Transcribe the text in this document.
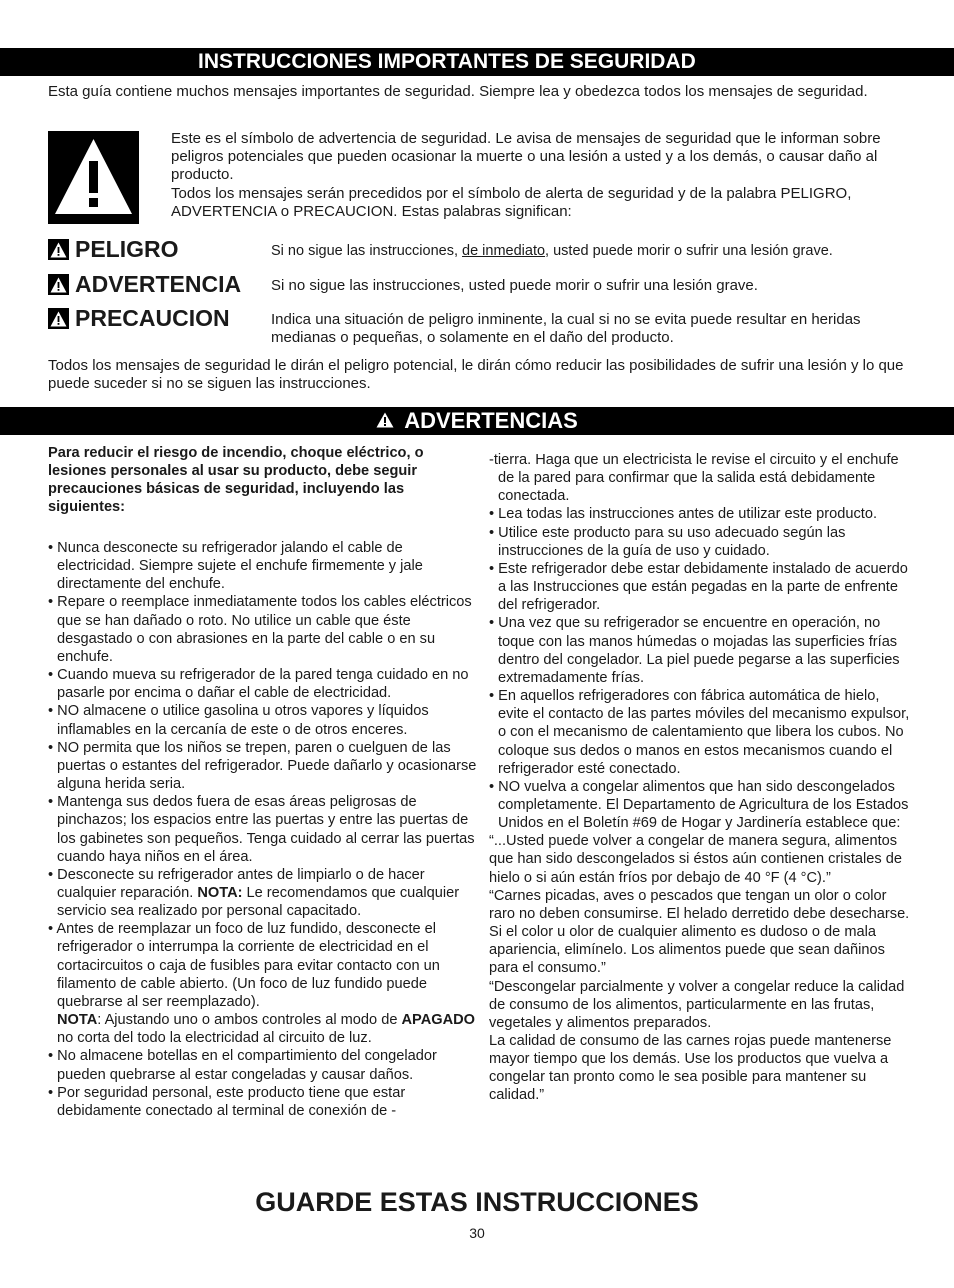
INSTRUCCIONES IMPORTANTES DE SEGURIDAD

Esta guía contiene muchos mensajes importantes de seguridad. Siempre lea y obedezca todos los mensajes de seguridad.

Este es el símbolo de advertencia de seguridad. Le avisa de mensajes de seguridad que le informan sobre peligros potenciales que pueden ocasionar la muerte o una lesión a usted y a los demás, o causar daño al producto.

Todos los mensajes serán precedidos por el símbolo de alerta de seguridad y de la palabra PELIGRO, ADVERTENCIA o PRECAUCION. Estas palabras significan:

PELIGRO	Si no sigue las instrucciones, de inmediato, usted puede morir o sufrir una lesión grave.

ADVERTENCIA Si no sigue las instrucciones, usted puede morir o sufrir una lesión grave.

PRECAUCION	Indica una situación de peligro inminente, la cual si no se evita puede resultar en heridas medianas o pequeñas, o solamente en el daño del producto.

Todos los mensajes de seguridad le dirán el peligro potencial, le dirán cómo reducir las posibilidades de sufrir una lesión y lo que puede suceder si no se siguen las instrucciones.

ADVERTENCIAS

Para reducir el riesgo de incendio, choque eléctrico, o lesiones personales al usar su producto, debe seguir precauciones básicas de seguridad, incluyendo las siguientes:

• Nunca desconecte su refrigerador jalando el cable de electricidad. Siempre sujete el enchufe firmemente y jale directamente del enchufe.

• Repare o reemplace inmediatamente todos los cables eléctricos que se han dañado o roto. No utilice un cable que éste desgastado o con abrasiones en la parte del cable o en su enchufe.

• Cuando mueva su refrigerador de la pared tenga cuidado en no pasarle por encima o dañar el cable de electricidad.

• NO almacene o utilice gasolina u otros vapores y líquidos inflamables en la cercanía de este o de otros enceres.

• NO permita que los niños se trepen, paren o cuelguen de las puertas o estantes del refrigerador. Puede dañarlo y ocasionarse alguna herida seria.

• Mantenga sus dedos fuera de esas áreas peligrosas de pinchazos; los espacios entre las puertas y entre las puertas de los gabinetes son pequeños. Tenga cuidado al cerrar las puertas cuando haya niños en el área.

• Desconecte su refrigerador antes de limpiarlo o de hacer cualquier reparación. NOTA: Le recomendamos que cualquier servicio sea realizado por personal capacitado.

• Antes de reemplazar un foco de luz fundido, desconecte el refrigerador o interrumpa la corriente de electricidad en el cortacircuitos o caja de fusibles para evitar contacto con un filamento de cable abierto. (Un foco de luz fundido puede quebrarse al ser reemplazado).

NOTA: Ajustando uno o ambos controles al modo de APAGADO no corta del todo la electricidad al circuito de luz.

• No almacene botellas en el compartimiento del congelador pueden quebrarse al estar congeladas y causar daños.

• Por seguridad personal, este producto tiene que estar debidamente conectado al terminal de conexión de -

-tierra. Haga que un electricista le revise el circuito y el enchufe de la pared para confirmar que la salida está debidamente conectada.

• Lea todas las instrucciones antes de utilizar este producto.

• Utilice este producto para su uso adecuado según las instrucciones de la guía de uso y cuidado.

• Este refrigerador debe estar debidamente instalado de acuerdo a las Instrucciones que están pegadas en la parte de enfrente del refrigerador.

• Una vez que su refrigerador se encuentre en operación, no toque con las manos húmedas o mojadas las superficies frías dentro del congelador. La piel puede pegarse a las superficies extremadamente frías.

• En aquellos refrigeradores con fábrica automática de hielo, evite el contacto de las partes móviles del mecanismo expulsor, o con el mecanismo de calentamiento que libera los cubos. No coloque sus dedos o manos en estos mecanismos cuando el refrigerador esté conectado.

• NO vuelva a congelar alimentos que han sido descongelados completamente. El Departamento de Agricultura de los Estados Unidos en el Boletín #69 de Hogar y Jardinería establece que:

“...Usted puede volver a congelar de manera segura, alimentos que han sido descongelados si éstos aún contienen cristales de hielo o si aún están fríos por debajo de 40 °F (4 °C).”

“Carnes picadas, aves o pescados que tengan un olor o color raro no deben consumirse. El helado derretido debe desecharse. Si el color u olor de cualquier alimento es dudoso o de mala apariencia, elimínelo. Los alimentos puede que sean dañinos para el consumo.”

“Descongelar parcialmente y volver a congelar reduce la calidad de consumo de los alimentos, particularmente en las frutas, vegetales y alimentos preparados.

La calidad de consumo de las carnes rojas puede mantenerse mayor tiempo que los demás. Use los productos que vuelva a congelar tan pronto como le sea posible para mantener su calidad.”

GUARDE ESTAS INSTRUCCIONES
30
